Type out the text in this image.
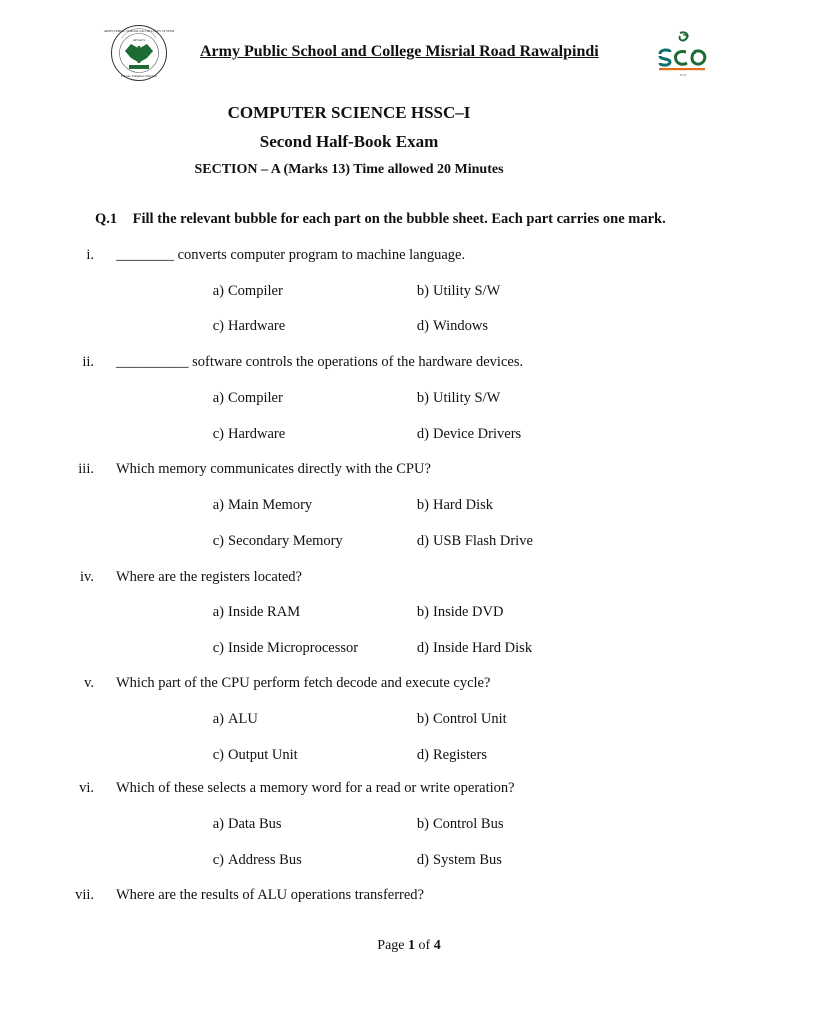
ARMY PUBLIC SCHOOLS & COLLEGES SYSTEM
APSACS
Educate, Enlighten, Empower
Army Public School and College Misrial Road Rawalpindi
SCO
COMPUTER SCIENCE HSSC–I
Second Half-Book Exam
SECTION – A (Marks 13) Time allowed 20 Minutes
Q.1 Fill the relevant bubble for each part on the bubble sheet. Each part carries one mark.
i. ________ converts computer program to machine language.
a) Compiler	b) Utility S/W
c) Hardware	d) Windows
ii. __________ software controls the operations of the hardware devices.
a) Compiler	b) Utility S/W
c) Hardware	d) Device Drivers
iii. Which memory communicates directly with the CPU?
a) Main Memory	b) Hard Disk
c) Secondary Memory	d) USB Flash Drive
iv. Where are the registers located?
a) Inside RAM	b) Inside DVD
c) Inside Microprocessor	d) Inside Hard Disk
v. Which part of the CPU perform fetch decode and execute cycle?
a) ALU	b) Control Unit
c) Output Unit	d) Registers
vi. Which of these selects a memory word for a read or write operation?
a) Data Bus	b) Control Bus
c) Address Bus	d) System Bus
vii. Where are the results of ALU operations transferred?
Page 1 of 4
